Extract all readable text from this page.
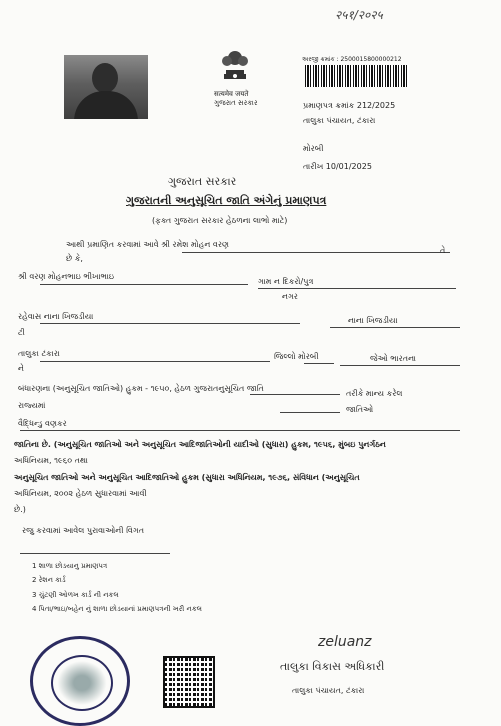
२५१/२०२५
सत्यमेव जयते
ગુજરાત સરકાર
અરજી ક્રમાંક : 2500015800000212
પ્રમાણપત્ર ક્રમાંક 212/2025
તાલુકા પંચાયત, ટંકારા
મોરબી
તારીખ 10/01/2025
ગુજરાત સરકાર
ગુજરાતની અનુસૂચિત જાતિ અંગેનું પ્રમાણપત્ર
(ફક્ત ગુજરાત સરકાર હેઠળના લાભો માટે)
આથી પ્રમાણિત કરવામાં આવે શ્રી રમેશ મોહન વરણ
તે
છે કે,
શ્રી વરણ મોહનભાઇ ભીખાભાઇ
ગામ ન દિકરો/પુત્ર
નગર
રહેવાસ નાના ખિજડીયા
ટી
નાના ખિજડીયા
તાલુકા ટંકારા
ને
જિલ્લો મોરબી	જેઓ ભારતના
બંધારણના (અનુસૂચિત જાતિઓ) હુકમ - ૧૯૫૦, હેઠળ ગુજરાતનુસૂચિત જાતિ
તરીકે માન્ય કરેલ
રાજ્યમાં	જાતિઓ
વૈદ્ધિન્ડુ વણકર
જાતિના છે. (અનુસૂચિત જાતિઓ અને અનુસૂચિત આદિજાતિઓની યાદીઓ (સુધારા) હુકમ, ૧૯૫૬, મુંબઇ પુનર્ગઠન
અધિનિયમ, ૧૯૬૦ તથા
અનુસૂચિત જાતિઓ અને અનુસૂચિત આદિજાતિઓ હુકમ (સુધારા અધિનિયમ, ૧૯૭૬, સંવિધાન (અનુસૂચિત
અધિનિયમ, ૨૦૦૨ હેઠળ સુધારવામાં આવી
છે.)
રજુ કરવામાં આવેલ પુરાવાઓની વિગત
1 શાળા છોડયાનુ પ્રમાણપત્ર
2 રેશન કાર્ડ
3 ચુંટણી ઓળખ કાર્ડ ની નકલ
4 પિતા/ભાઇ/બહેન નું શાળા છોડયાનાં પ્રમાણપત્રની ખરી નકલ
zeluanz
તાલુકા વિકાસ અધિકારી
તાલુકા પંચાયત, ટંકારા
